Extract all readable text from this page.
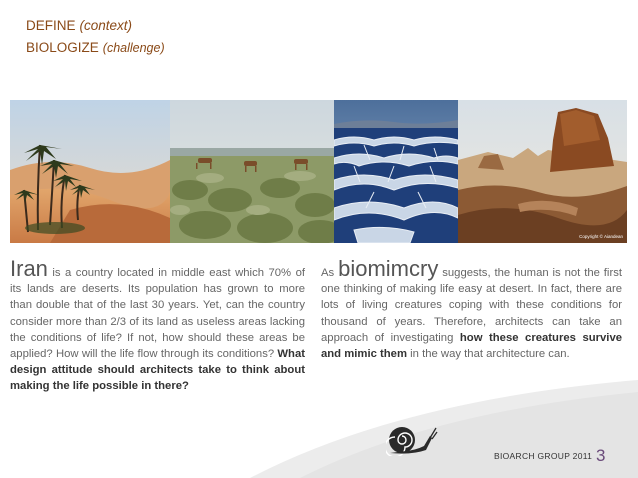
DEFINE (context)
BIOLOGIZE (challenge)
Copyright © Aiandean
Iran is a country located in middle east which 70% of its lands are deserts. Its population has grown to more than double that of the last 30 years. Yet, can the country consider more than 2/3 of its land as useless areas lacking the conditions of life? If not, how should these areas be applied? How will the life flow through its conditions? What design attitude should architects take to think about making the life possible in there?
As biomimcry suggests, the human is not the first one thinking of making life easy at desert. In fact, there are lots of living creatures coping with these conditions for thousand of years. Therefore, architects can take an approach of investigating how these creatures survive and mimic them in the way that architecture can.
BIOARCH GROUP 2011 3
